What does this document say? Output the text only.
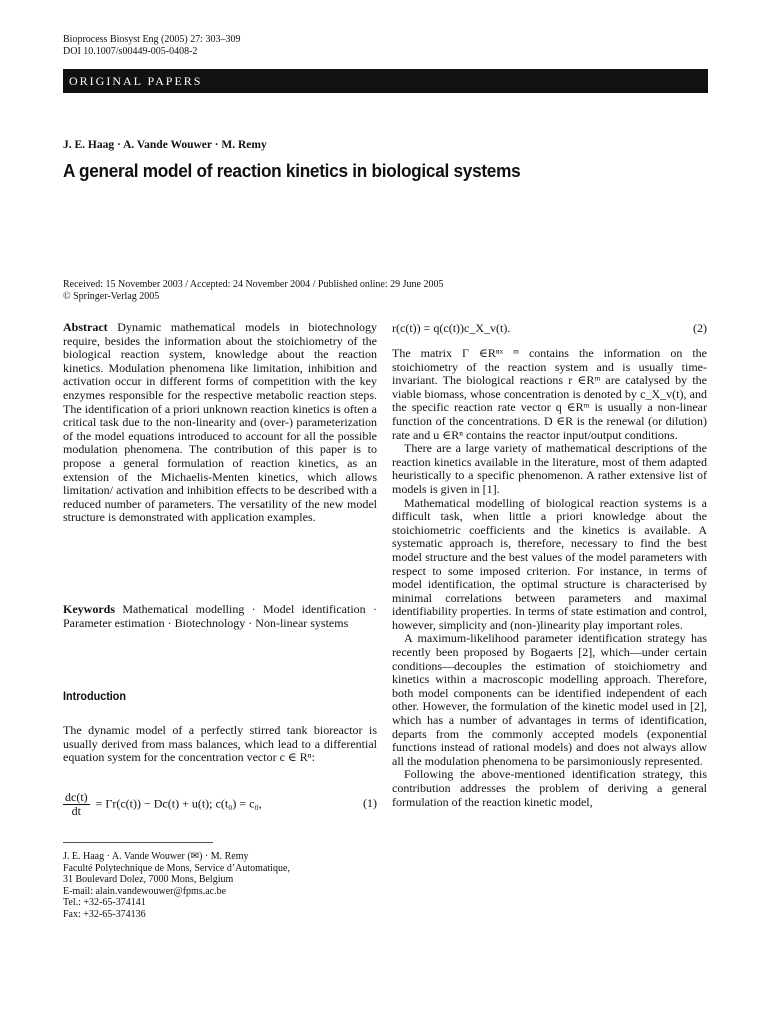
Bioprocess Biosyst Eng (2005) 27: 303–309
DOI 10.1007/s00449-005-0408-2
ORIGINAL PAPERS
J. E. Haag · A. Vande Wouwer · M. Remy
A general model of reaction kinetics in biological systems
Received: 15 November 2003 / Accepted: 24 November 2004 / Published online: 29 June 2005
© Springer-Verlag 2005
Abstract Dynamic mathematical models in biotechnology require, besides the information about the stoichiometry of the biological reaction system, knowledge about the reaction kinetics. Modulation phenomena like limitation, inhibition and activation occur in different forms of competition with the key enzymes responsible for the respective metabolic reaction steps. The identification of a priori unknown reaction kinetics is often a critical task due to the non-linearity and (over-) parameterization of the model equations introduced to account for all the possible modulation phenomena. The contribution of this paper is to propose a general formulation of reaction kinetics, as an extension of the Michaelis-Menten kinetics, which allows limitation/ activation and inhibition effects to be described with a reduced number of parameters. The versatility of the new model structure is demonstrated with application examples.
Keywords Mathematical modelling · Model identification · Parameter estimation · Biotechnology · Non-linear systems
Introduction
The dynamic model of a perfectly stirred tank bioreactor is usually derived from mass balances, which lead to a differential equation system for the concentration vector c ∈ Rⁿ:
$\frac{dc(t)}{dt} = \Gamma r(c(t)) - Dc(t) + u(t)$; c(t₀) = c₀,	(1)
J. E. Haag · A. Vande Wouwer (✉) · M. Remy
Faculté Polytechnique de Mons, Service d’Automatique,
31 Boulevard Dolez, 7000 Mons, Belgium
E-mail: alain.vandewouwer@fpms.ac.be
Tel.: +32-65-374141
Fax: +32-65-374136
r(c(t)) = q(c(t))c_X_v(t).	(2)
The matrix Γ ∈Rⁿˣ ᵐ contains the information on the stoichiometry of the reaction system and is usually time-invariant. The biological reactions r ∈Rᵐ are catalysed by the viable biomass, whose concentration is denoted by c_X_v(t), and the specific reaction rate vector q ∈Rᵐ is usually a non-linear function of the concentrations. D ∈R is the renewal (or dilution) rate and u ∈Rⁿ contains the reactor input/output conditions.
There are a large variety of mathematical descriptions of the reaction kinetics available in the literature, most of them adapted heuristically to a specific phenomenon. A rather extensive list of models is given in [1].
Mathematical modelling of biological reaction systems is a difficult task, when little a priori knowledge about the stoichiometric coefficients and the kinetics is available. A systematic approach is, therefore, necessary to find the best model structure and the best values of the model parameters with respect to some imposed criterion. For instance, in terms of model identification, the optimal structure is characterised by minimal correlations between parameters and maximal identifiability properties. In terms of state estimation and control, however, simplicity and (non-)linearity play important roles.
A maximum-likelihood parameter identification strategy has recently been proposed by Bogaerts [2], which—under certain conditions—decouples the estimation of stoichiometry and kinetics within a macroscopic modelling approach. Therefore, both model components can be identified independent of each other. However, the formulation of the kinetic model used in [2], which has a number of advantages in terms of identification, departs from the commonly accepted models (exponential functions instead of rational models) and does not always allow all the modulation phenomena to be parsimoniously represented.
Following the above-mentioned identification strategy, this contribution addresses the problem of deriving a general formulation of the reaction kinetic model,
